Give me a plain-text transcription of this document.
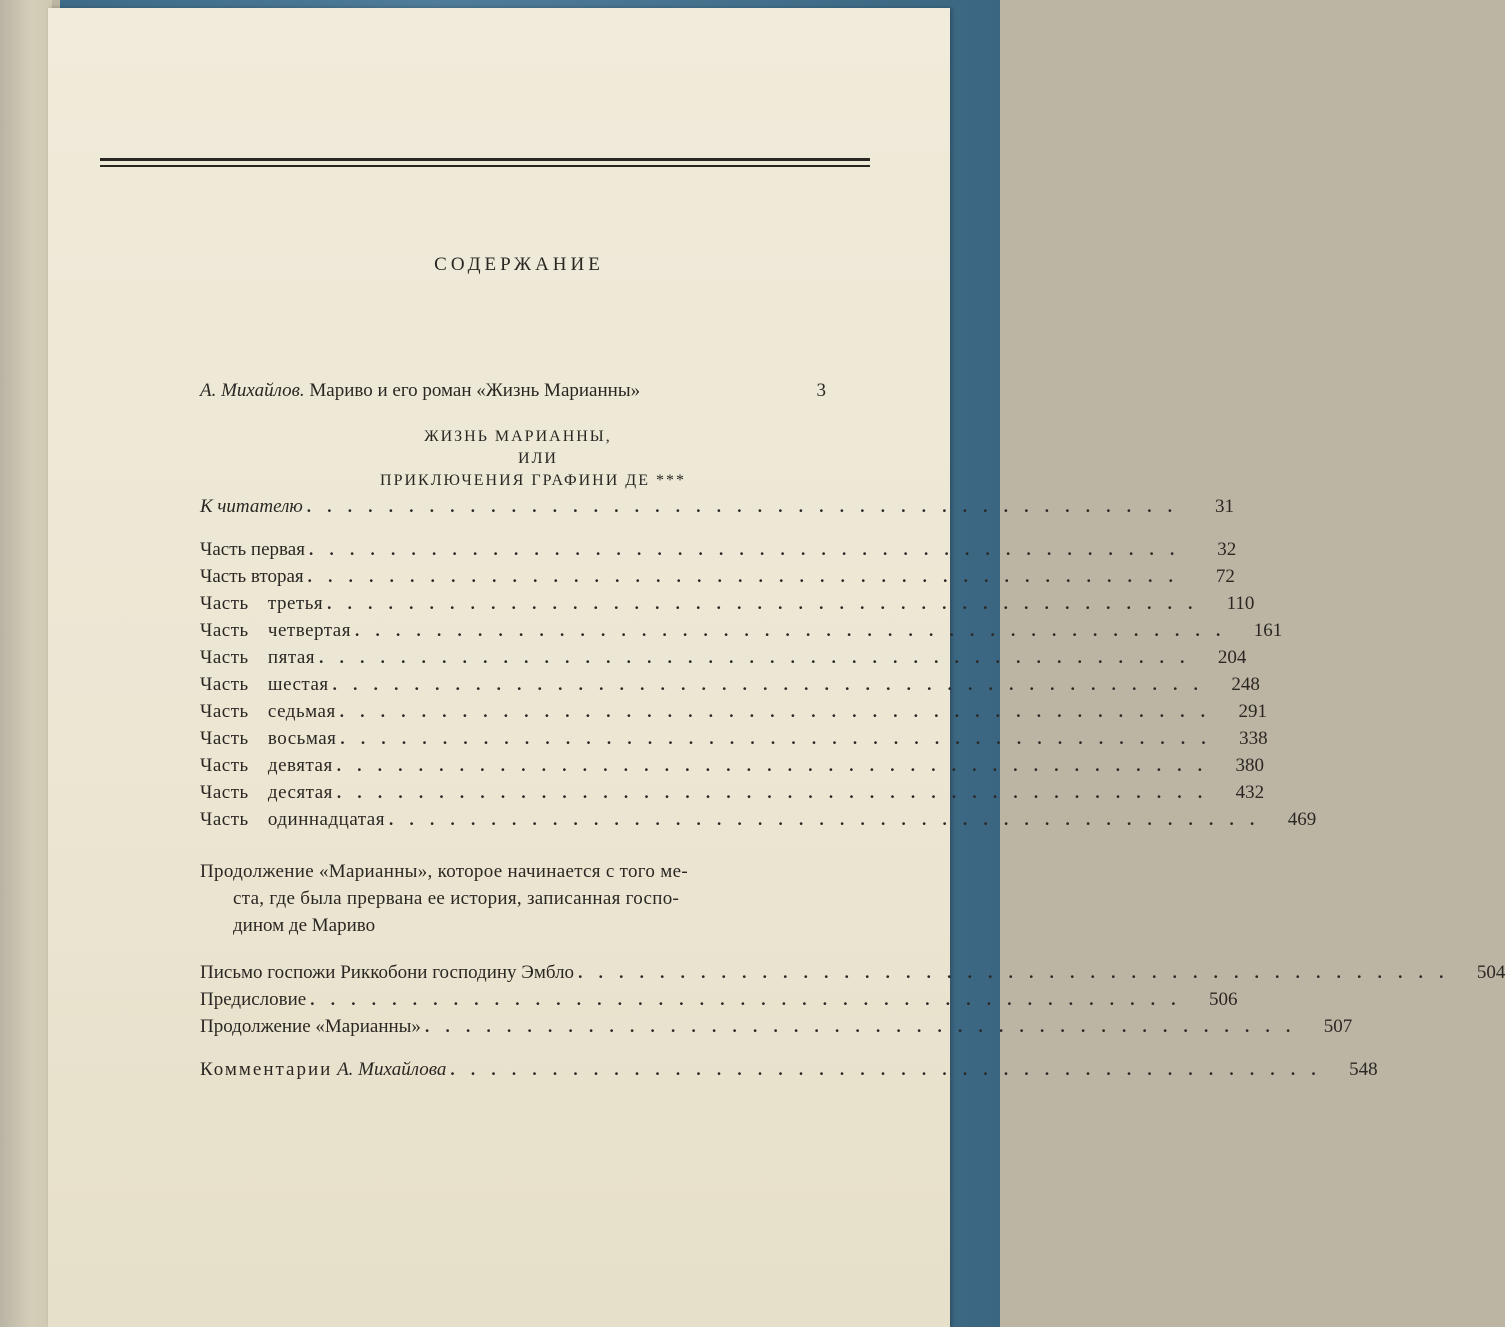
СОДЕРЖАНИЕ
А. Михайлов. Мариво и его роман «Жизнь Марианны»	3
ЖИЗНЬ МАРИАННЫ,
ИЛИ
ПРИКЛЮЧЕНИЯ ГРАФИНИ ДЕ ***
К читателю . . . . . . . . . . . . . . . . . . . . . . . . . . . . . . . . . . . . . . . . . . .	31
Часть первая . . . . . . . . . . . . . . . . . . . . . . . . . . . . . . . . . . . . . . . . . . .	32
Часть вторая . . . . . . . . . . . . . . . . . . . . . . . . . . . . . . . . . . . . . . . . . . .	72
Часть третья . . . . . . . . . . . . . . . . . . . . . . . . . . . . . . . . . . . . . . . . . . .	110
Часть четвертая . . . . . . . . . . . . . . . . . . . . . . . . . . . . . . . . . . . . . . . . . . .	161
Часть пятая . . . . . . . . . . . . . . . . . . . . . . . . . . . . . . . . . . . . . . . . . . .	204
Часть шестая . . . . . . . . . . . . . . . . . . . . . . . . . . . . . . . . . . . . . . . . . . .	248
Часть седьмая . . . . . . . . . . . . . . . . . . . . . . . . . . . . . . . . . . . . . . . . . . .	291
Часть восьмая . . . . . . . . . . . . . . . . . . . . . . . . . . . . . . . . . . . . . . . . . . .	338
Часть девятая . . . . . . . . . . . . . . . . . . . . . . . . . . . . . . . . . . . . . . . . . . .	380
Часть десятая . . . . . . . . . . . . . . . . . . . . . . . . . . . . . . . . . . . . . . . . . . .	432
Часть одиннадцатая . . . . . . . . . . . . . . . . . . . . . . . . . . . . . . . . . . . . . . . . . . .	469
Продолжение «Марианны», которое начинается с того ме-
ста, где была прервана ее история, записанная госпо-
дином де Мариво
Письмо госпожи Риккобони господину Эмбло . . . . . . . . . . . . . . . . . . . . . . . . . . . . . . . . . . . . . . . . . . .	504
Предисловие . . . . . . . . . . . . . . . . . . . . . . . . . . . . . . . . . . . . . . . . . . .	506
Продолжение «Марианны» . . . . . . . . . . . . . . . . . . . . . . . . . . . . . . . . . . . . . . . . . . .	507
Комментарии А. Михайлова . . . . . . . . . . . . . . . . . . . . . . . . . . . . . . . . . . . . . . . . . . .	548
